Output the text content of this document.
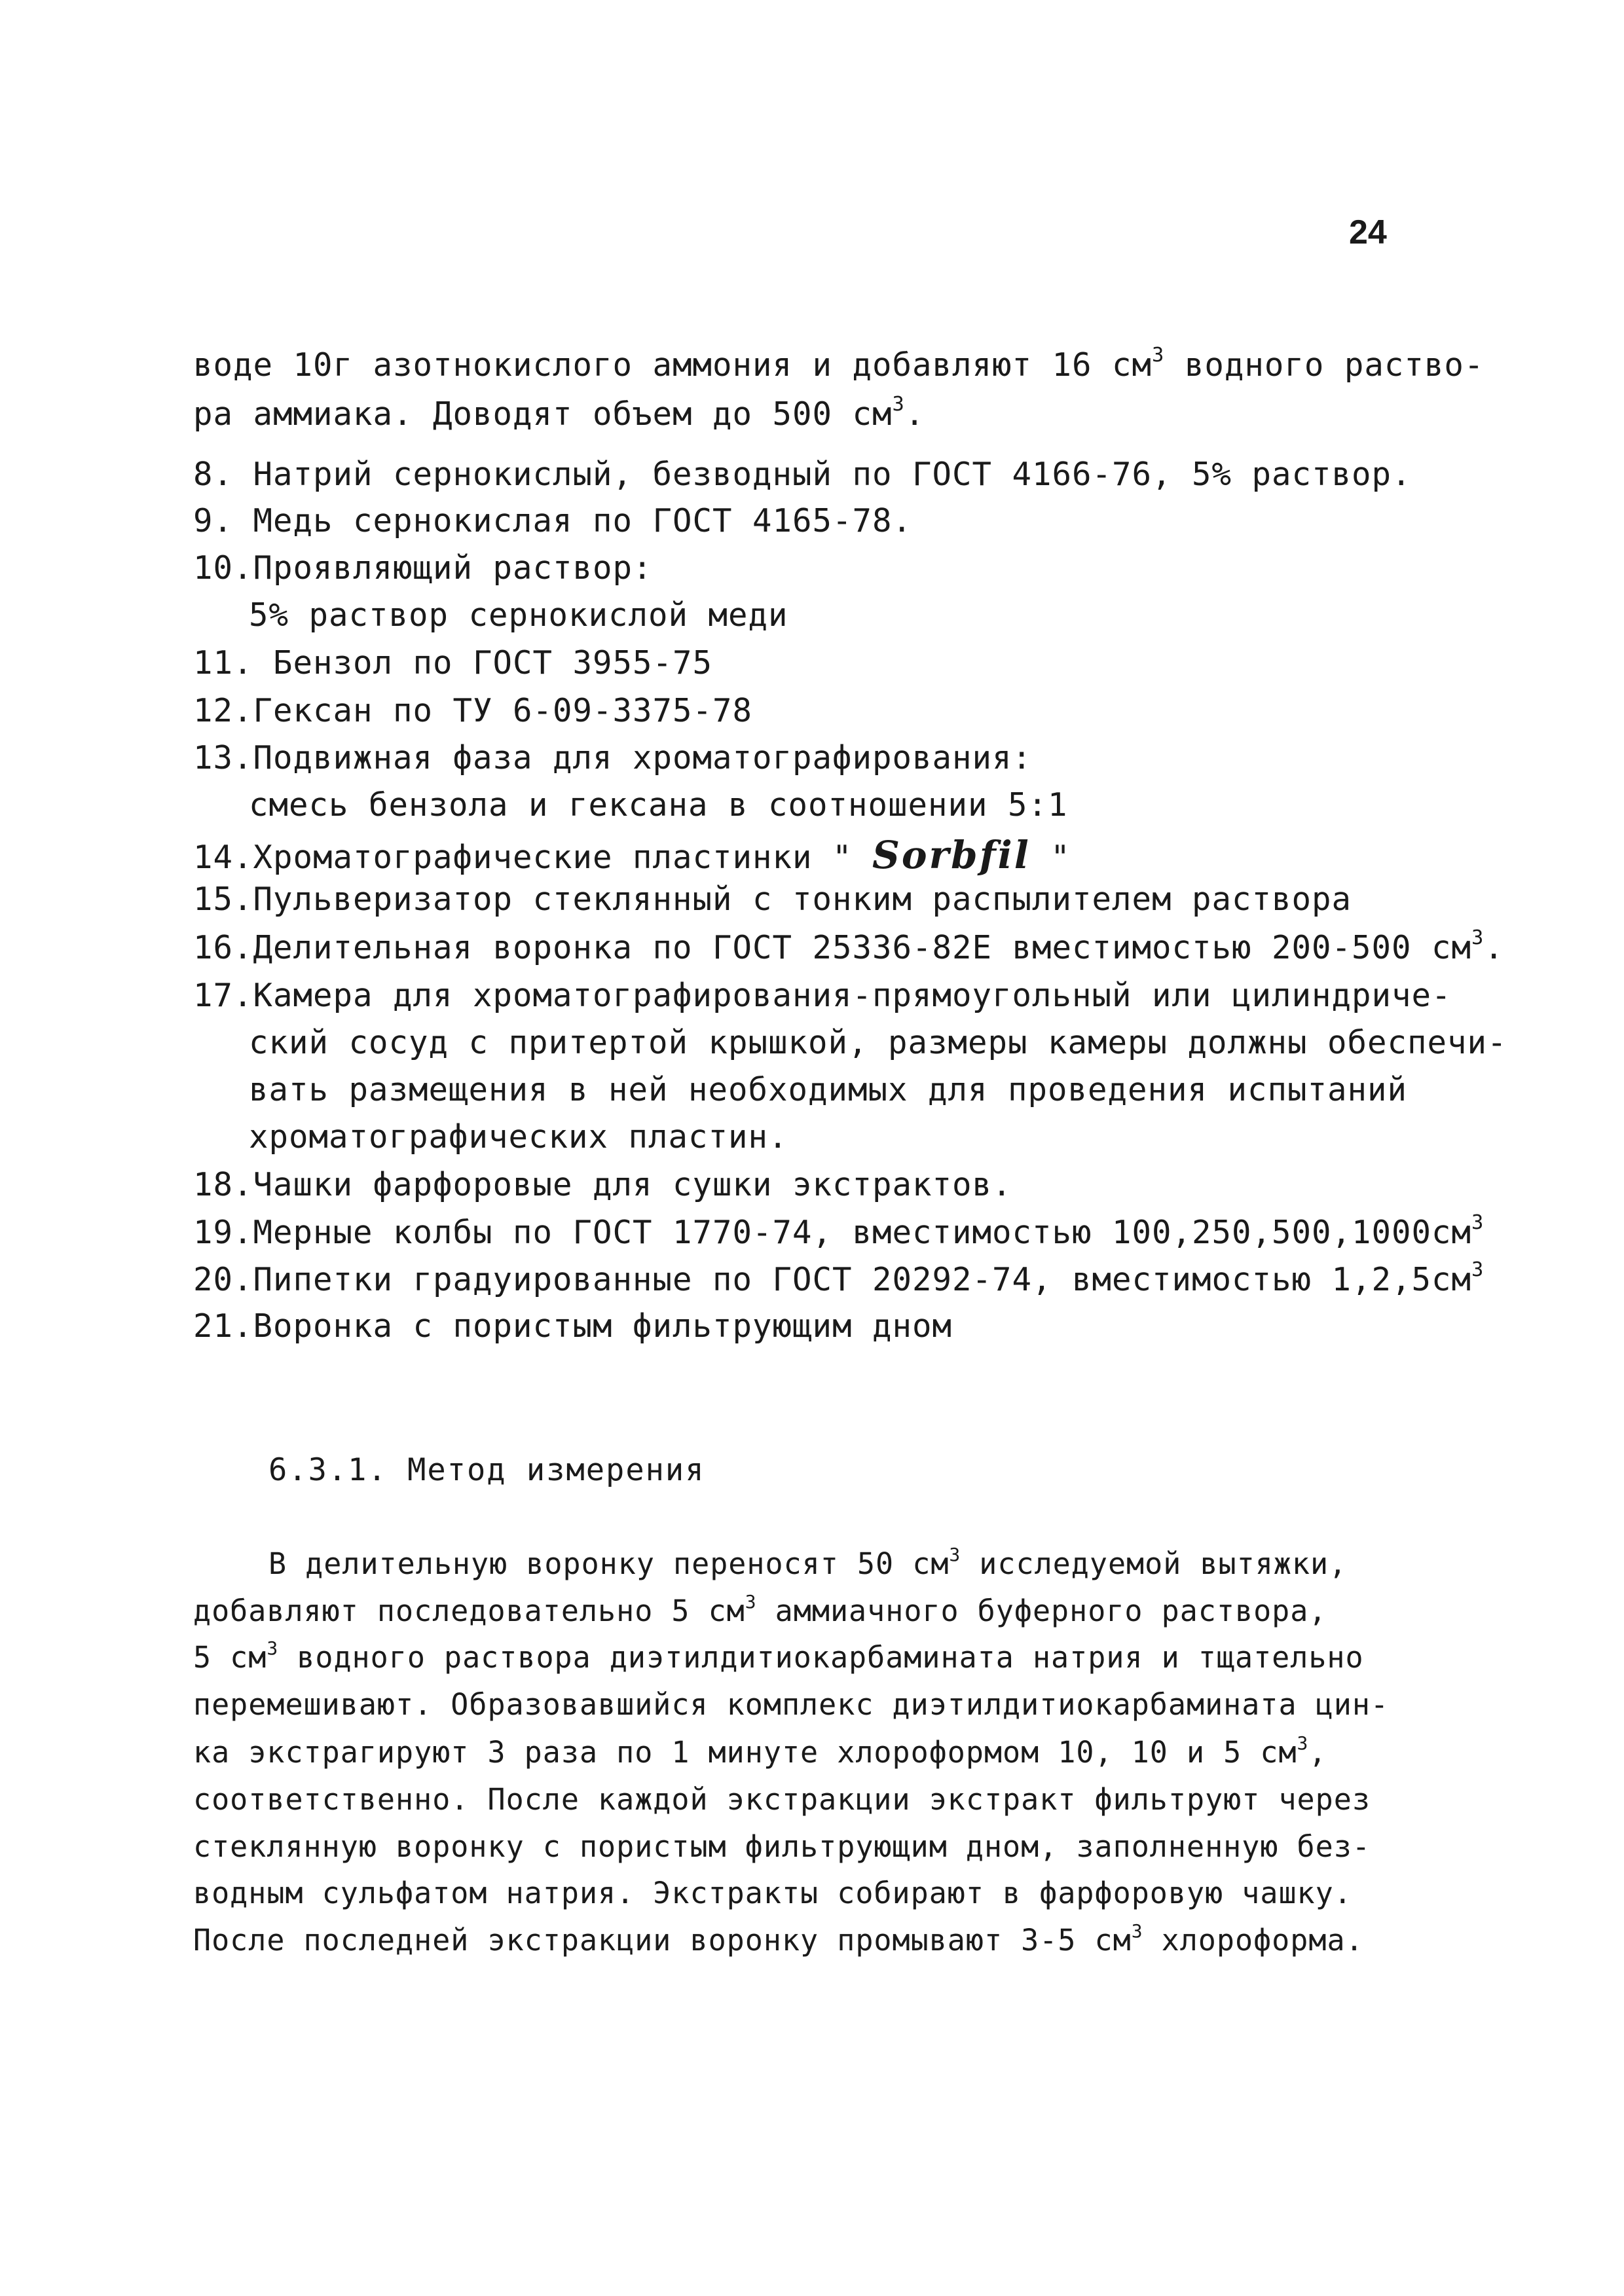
24
воде 10г азотнокислого аммония и добавляют 16 $см^3$ водного раство-
ра аммиака. Доводят объем до 500 $см^3$.
8. Натрий сернокислый, безводный по ГОСТ 4166-76, 5% раствор.
9. Медь сернокислая по ГОСТ 4165-78.
10.Проявляющий раствор:
5% раствор сернокислой меди
11. Бензол по ГОСТ 3955-75
12.Гексан по ТУ 6-09-3375-78
13.Подвижная фаза для хроматографирования:
смесь бензола и гексана в соотношении 5:1
14.Хроматографические пластинки " Sorbfil "
15.Пульверизатор стеклянный с тонким распылителем раствора
16.Делительная воронка по ГОСТ 25336-82Е вместимостью 200-500 $см^3$.
17.Камера для хроматографирования-прямоугольный или цилиндриче-
ский сосуд с притертой крышкой, размеры камеры должны обеспечи-
вать размещения в ней необходимых для проведения испытаний
хроматографических пластин.
18.Чашки фарфоровые для сушки экстрактов.
19.Мерные колбы по ГОСТ 1770-74, вместимостью $100,250,500,1000см^3$
20.Пипетки градуированные по ГОСТ 20292-74, вместимостью $1,2,5см^3$
21.Воронка с пористым фильтрующим дном
6.3.1. Метод измерения
В делительную воронку переносят 50 $см^3$ исследуемой вытяжки,
добавляют последовательно 5 $см^3$ аммиачного буферного раствора,
5 $см^3$ водного раствора диэтилдитиокарбамината натрия и тщательно
перемешивают. Образовавшийся комплекс диэтилдитиокарбамината цин-
ка экстрагируют 3 раза по 1 минуте хлороформом 10, 10 и 5 $см^3$,
соответственно. После каждой экстракции экстракт фильтруют через
стеклянную воронку с пористым фильтрующим дном, заполненную без-
водным сульфатом натрия. Экстракты собирают в фарфоровую чашку.
После последней экстракции воронку промывают 3-5 $см^3$ хлороформа.
